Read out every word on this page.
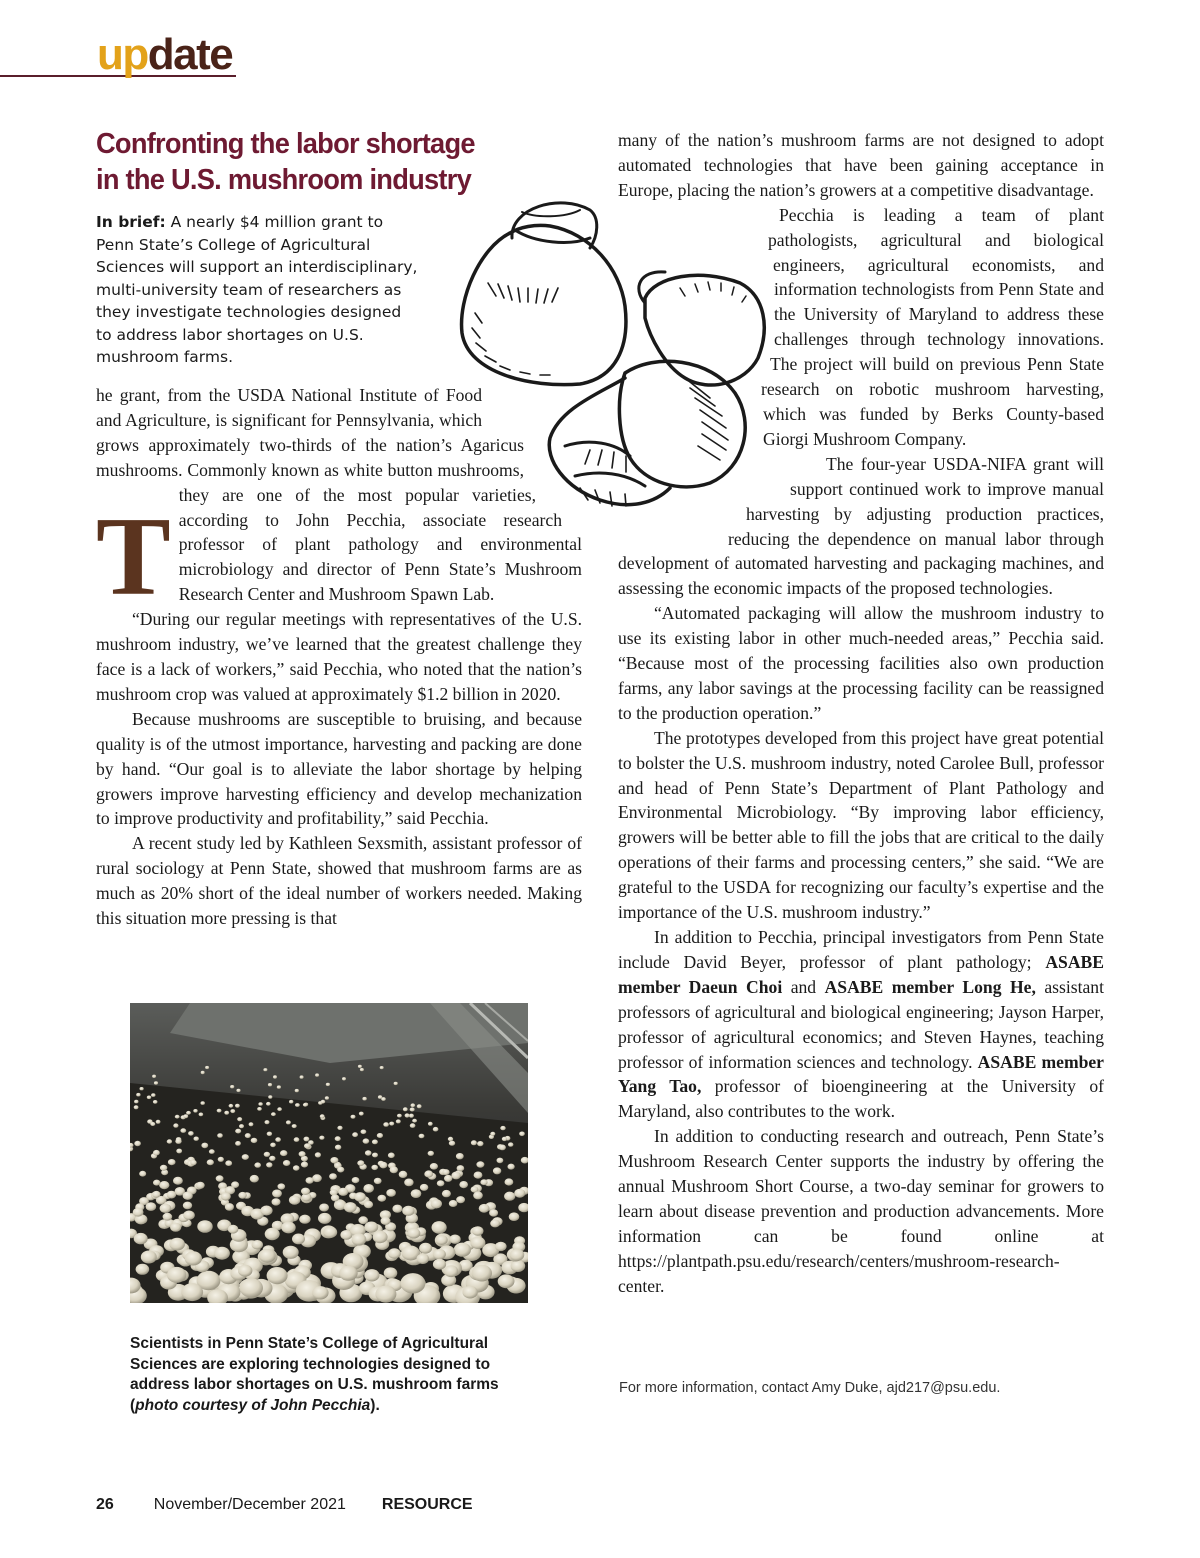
update
Confronting the labor shortage
in the U.S. mushroom industry

In brief: A nearly $4 million grant to Penn State’s College of Agricultural Sciences will support an interdisciplinary, multi-university team of researchers as they investigate technologies designed to address labor shortages on U.S. mushroom farms.

T

he grant, from the USDA National Institute of Food and Agriculture, is significant for Pennsylvania, which grows approximately two-thirds of the nation’s Agaricus mushrooms. Commonly known as white button mushrooms, they are one of the most popular varieties, according to John Pecchia, associate research professor of plant pathology and environmental microbiology and director of Penn State’s Mushroom Research Center and Mushroom Spawn Lab.

“During our regular meetings with representatives of the U.S. mushroom industry, we’ve learned that the greatest challenge they face is a lack of workers,” said Pecchia, who noted that the nation’s mushroom crop was valued at approximately $1.2 billion in 2020.

Because mushrooms are susceptible to bruising, and because quality is of the utmost importance, harvesting and packing are done by hand. “Our goal is to alleviate the labor shortage by helping growers improve harvesting efficiency and develop mechanization to improve productivity and profitability,” said Pecchia.

A recent study led by Kathleen Sexsmith, assistant professor of rural sociology at Penn State, showed that mushroom farms are as much as 20% short of the ideal number of workers needed. Making this situation more pressing is that

many of the nation’s mushroom farms are not designed to adopt automated technologies that have been gaining acceptance in Europe, placing the nation’s growers at a competitive disadvantage.

Pecchia is leading a team of plant pathologists, agricultural and biological engineers, agricultural economists, and information technologists from Penn State and the University of Maryland to address these challenges through technology innovations. The project will build on previous Penn State research on robotic mushroom harvesting, which was funded by Berks County-based Giorgi Mushroom Company.

The four-year USDA-NIFA grant will support continued work to improve manual harvesting by adjusting production practices, reducing the dependence on manual labor through development of automated harvesting and packaging machines, and assessing the economic impacts of the proposed technologies.

“Automated packaging will allow the mushroom industry to use its existing labor in other much-needed areas,” Pecchia said. “Because most of the processing facilities also own production farms, any labor savings at the processing facility can be reassigned to the production operation.”

The prototypes developed from this project have great potential to bolster the U.S. mushroom industry, noted Carolee Bull, professor and head of Penn State’s Department of Plant Pathology and Environmental Microbiology. “By improving labor efficiency, growers will be better able to fill the jobs that are critical to the daily operations of their farms and processing centers,” she said. “We are grateful to the USDA for recognizing our faculty’s expertise and the importance of the U.S. mushroom industry.”

In addition to Pecchia, principal investigators from Penn State include David Beyer, professor of plant pathology; ASABE member Daeun Choi and ASABE member Long He, assistant professors of agricultural and biological engineering; Jayson Harper, professor of agricultural economics; and Steven Haynes, teaching professor of information sciences and technology. ASABE member Yang Tao, professor of bioengineering at the University of Maryland, also contributes to the work.

In addition to conducting research and outreach, Penn State’s Mushroom Research Center supports the industry by offering the annual Mushroom Short Course, a two-day seminar for growers to learn about disease prevention and production advancements. More information can be found online at https://plantpath.psu.edu/research/centers/mushroom-research-center.

Scientists in Penn State’s College of Agricultural Sciences are exploring technologies designed to address labor shortages on U.S. mushroom farms (photo courtesy of John Pecchia).

For more information, contact Amy Duke, ajd217@psu.edu.

26	November/December 2021 RESOURCE
